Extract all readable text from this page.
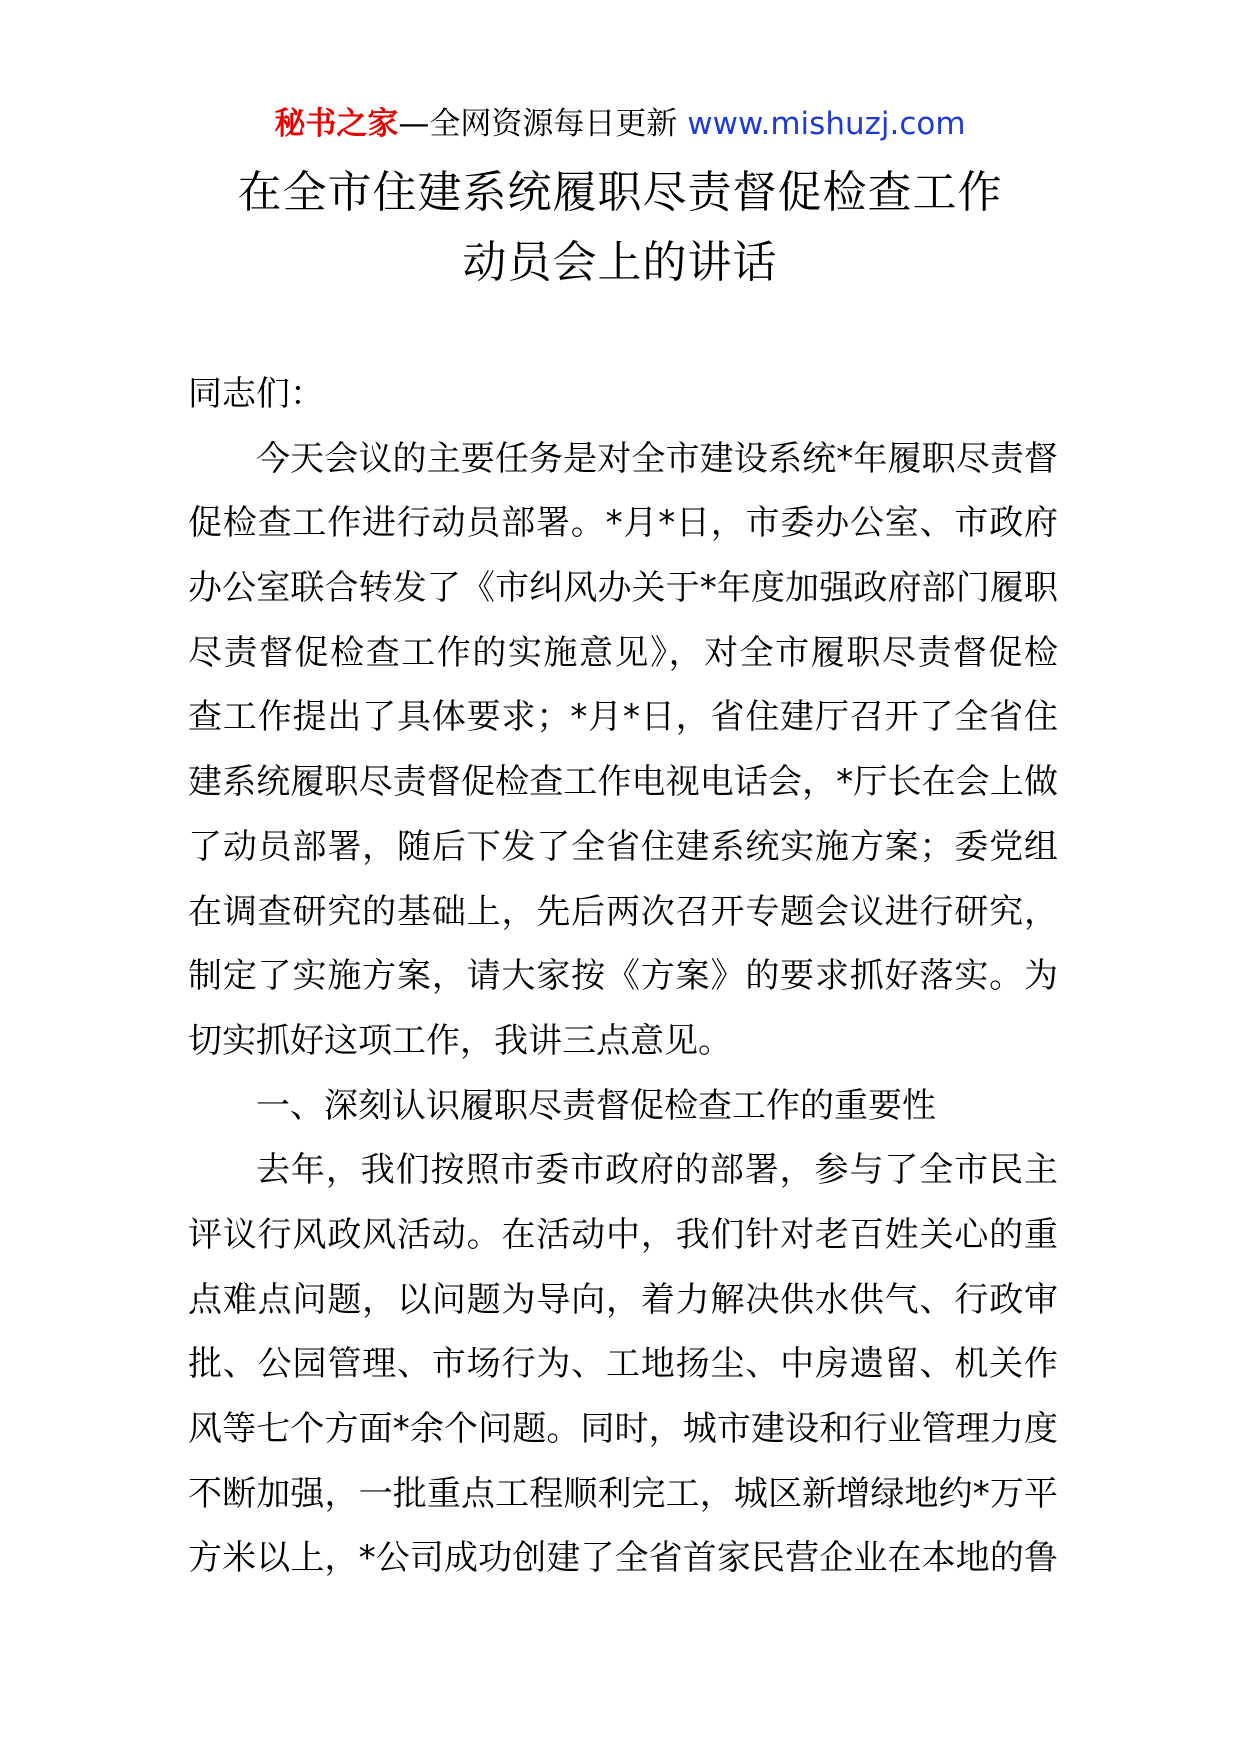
秘书之家—全网资源每日更新 www.mishuzj.com
在全市住建系统履职尽责督促检查工作
动员会上的讲话

同志们：

今天会议的主要任务是对全市建设系统*年履职尽责督
促检查工作进行动员部署。*月*日，市委办公室、市政府
办公室联合转发了《市纠风办关于*年度加强政府部门履职
尽责督促检查工作的实施意见》，对全市履职尽责督促检
查工作提出了具体要求；*月*日，省住建厅召开了全省住
建系统履职尽责督促检查工作电视电话会，*厅长在会上做
了动员部署，随后下发了全省住建系统实施方案；委党组
在调查研究的基础上，先后两次召开专题会议进行研究，
制定了实施方案，请大家按《方案》的要求抓好落实。为
切实抓好这项工作，我讲三点意见。

一、深刻认识履职尽责督促检查工作的重要性

去年，我们按照市委市政府的部署，参与了全市民主
评议行风政风活动。在活动中，我们针对老百姓关心的重
点难点问题，以问题为导向，着力解决供水供气、行政审
批、公园管理、市场行为、工地扬尘、中房遗留、机关作
风等七个方面*余个问题。同时，城市建设和行业管理力度
不断加强，一批重点工程顺利完工，城区新增绿地约*万平
方米以上，*公司成功创建了全省首家民营企业在本地的鲁
